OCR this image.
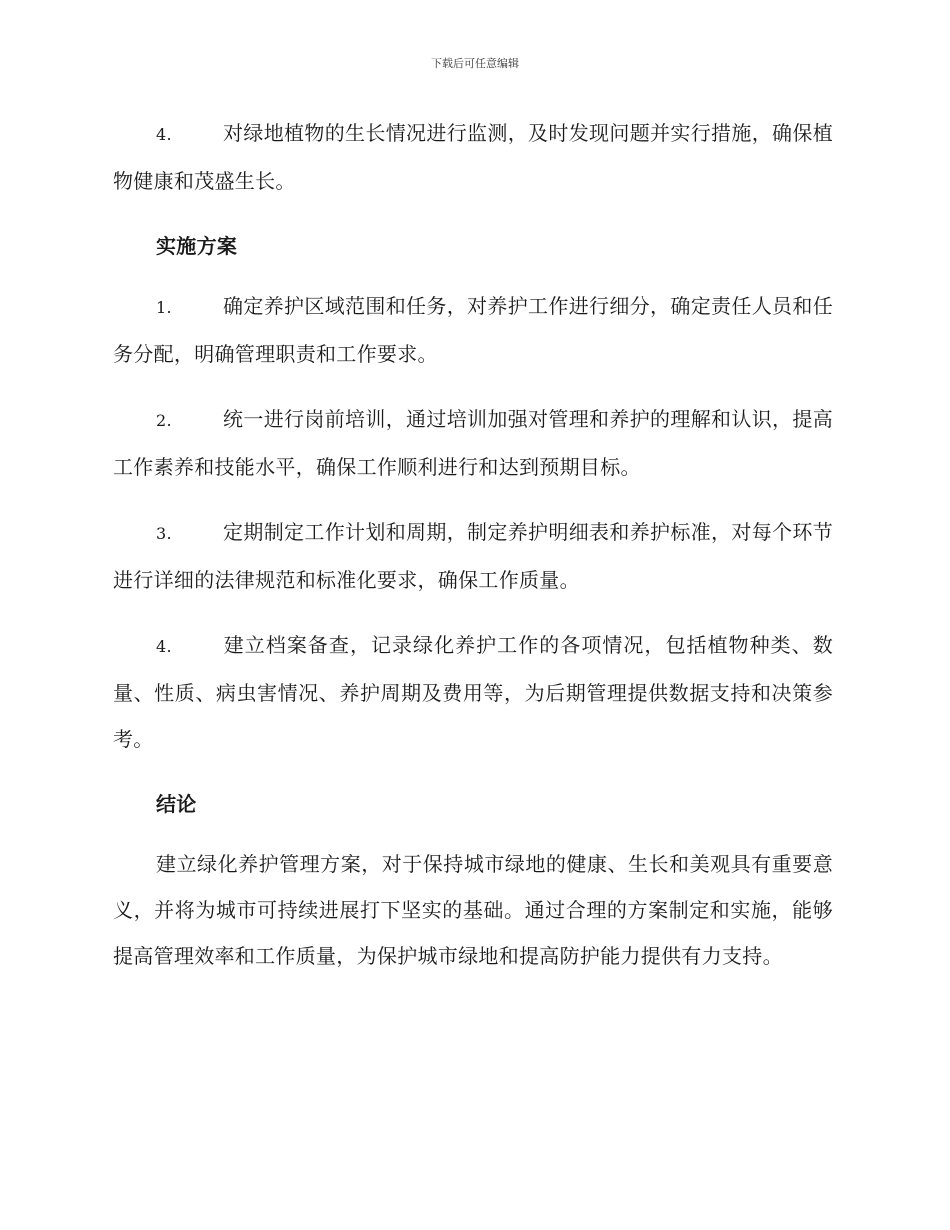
下载后可任意编辑

4.	对绿地植物的生长情况进行监测，及时发现问题并实行措施，确保植物健康和茂盛生长。

实施方案

1.	确定养护区域范围和任务，对养护工作进行细分，确定责任人员和任务分配，明确管理职责和工作要求。

2.	统一进行岗前培训，通过培训加强对管理和养护的理解和认识，提高工作素养和技能水平，确保工作顺利进行和达到预期目标。

3.	定期制定工作计划和周期，制定养护明细表和养护标准，对每个环节进行详细的法律规范和标准化要求，确保工作质量。

4.	建立档案备查，记录绿化养护工作的各项情况，包括植物种类、数量、性质、病虫害情况、养护周期及费用等，为后期管理提供数据支持和决策参考。

结论

建立绿化养护管理方案，对于保持城市绿地的健康、生长和美观具有重要意义，并将为城市可持续进展打下坚实的基础。通过合理的方案制定和实施，能够提高管理效率和工作质量，为保护城市绿地和提高防护能力提供有力支持。
